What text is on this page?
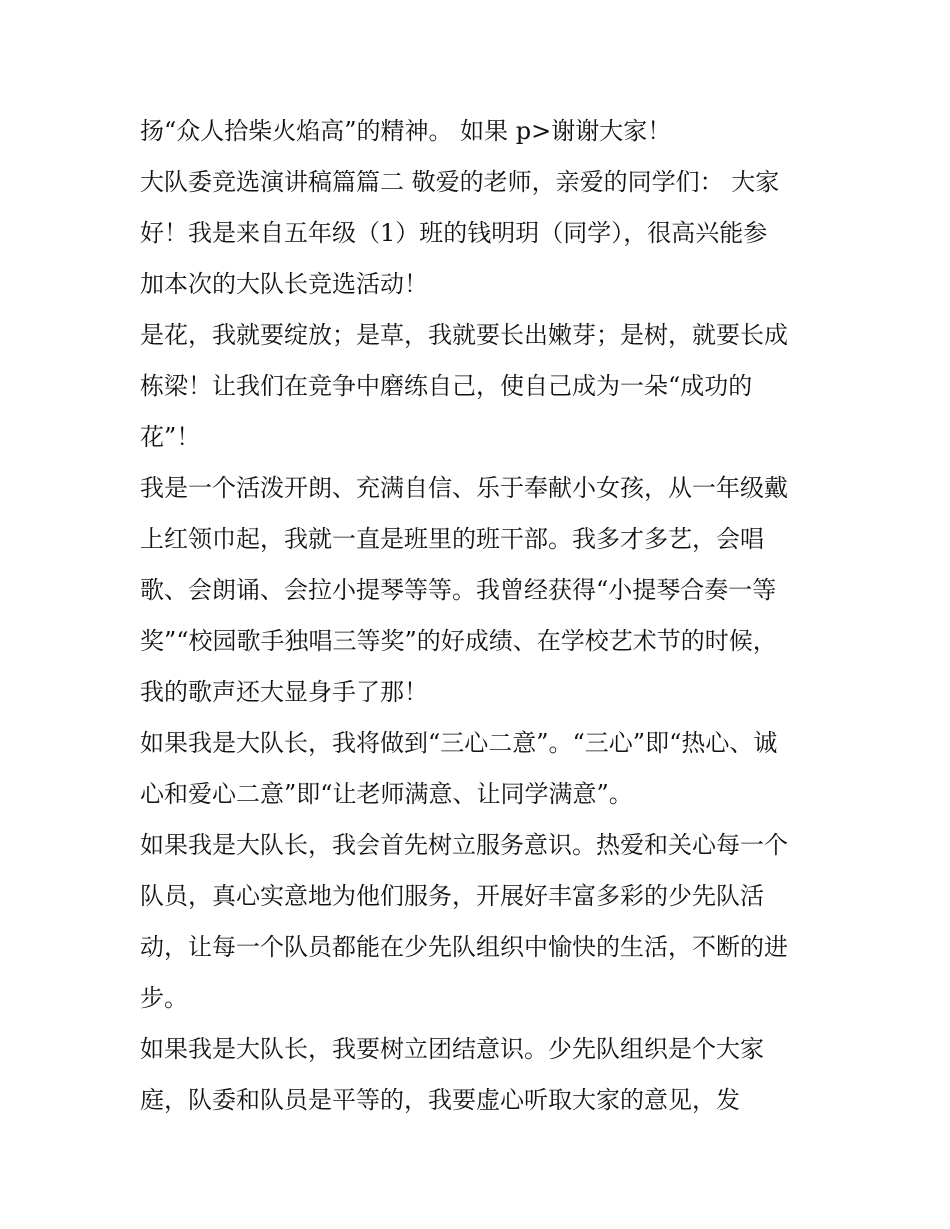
扬“众人拾柴火焰高”的精神。 如果 p>谢谢大家！

大队委竞选演讲稿篇篇二 敬爱的老师，亲爱的同学们： 大家
好！我是来自五年级（1）班的钱明玥（同学），很高兴能参
加本次的大队长竞选活动！

是花，我就要绽放；是草，我就要长出嫩芽；是树，就要长成
栋梁！让我们在竞争中磨练自己，使自己成为一朵“成功的
花”！

我是一个活泼开朗、充满自信、乐于奉献小女孩，从一年级戴
上红领巾起，我就一直是班里的班干部。我多才多艺，会唱
歌、会朗诵、会拉小提琴等等。我曾经获得“小提琴合奏一等
奖”“校园歌手独唱三等奖”的好成绩、在学校艺术节的时候，
我的歌声还大显身手了那！

如果我是大队长，我将做到“三心二意”。“三心”即“热心、诚
心和爱心二意”即“让老师满意、让同学满意”。

如果我是大队长，我会首先树立服务意识。热爱和关心每一个
队员，真心实意地为他们服务，开展好丰富多彩的少先队活
动，让每一个队员都能在少先队组织中愉快的生活，不断的进
步。

如果我是大队长，我要树立团结意识。少先队组织是个大家
庭，队委和队员是平等的，我要虚心听取大家的意见，发
